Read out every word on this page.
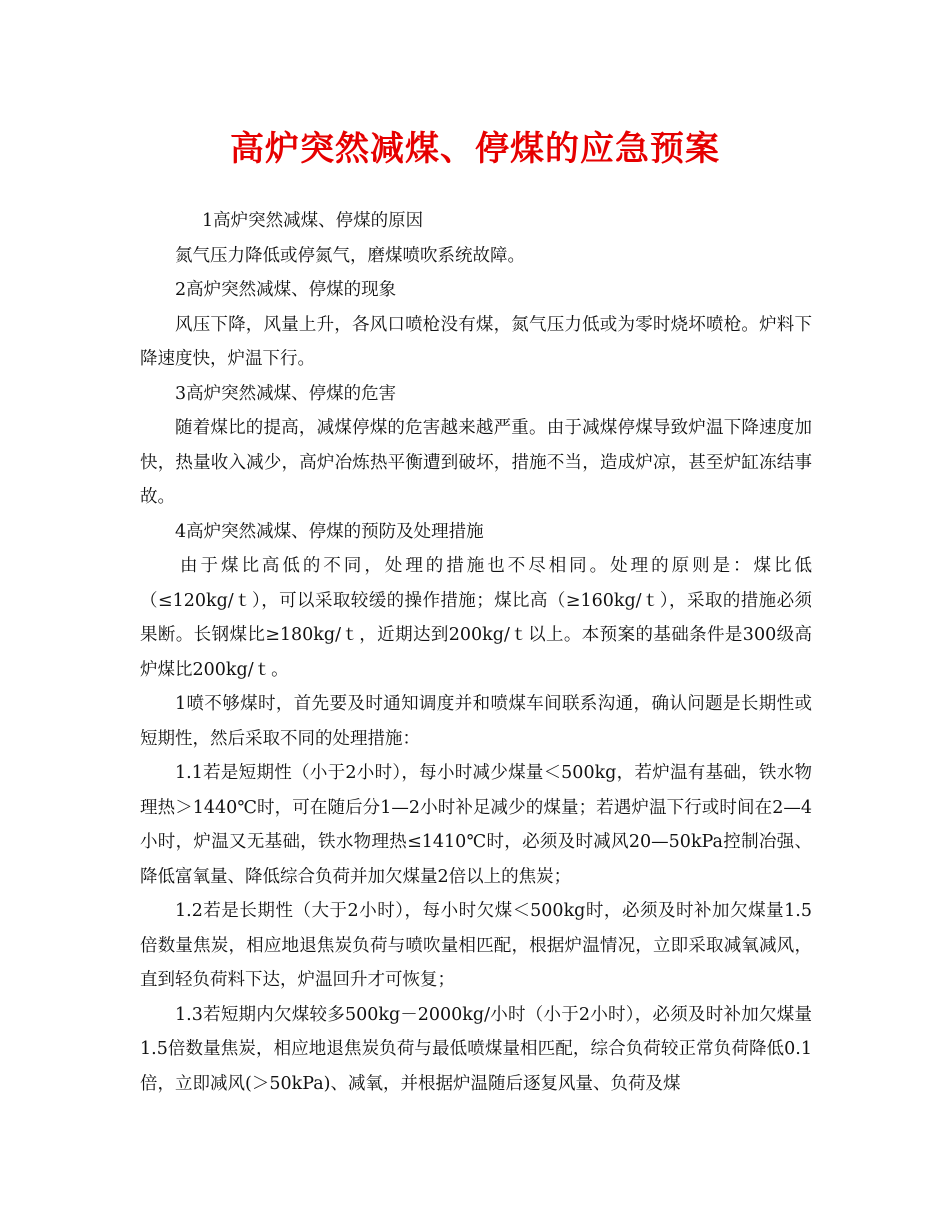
高炉突然减煤、停煤的应急预案

1高炉突然减煤、停煤的原因

氮气压力降低或停氮气，磨煤喷吹系统故障。

2高炉突然减煤、停煤的现象

风压下降，风量上升，各风口喷枪没有煤，氮气压力低或为零时烧坏喷枪。炉料下降速度快，炉温下行。

3高炉突然减煤、停煤的危害

随着煤比的提高，减煤停煤的危害越来越严重。由于减煤停煤导致炉温下降速度加快，热量收入减少，高炉冶炼热平衡遭到破坏，措施不当，造成炉凉，甚至炉缸冻结事故。

4高炉突然减煤、停煤的预防及处理措施

由于煤比高低的不同，处理的措施也不尽相同。处理的原则是：煤比低（≤120kg/ｔ），可以采取较缓的操作措施；煤比高（≥160kg/ｔ），采取的措施必须果断。长钢煤比≥180kg/ｔ，近期达到200kg/ｔ以上。本预案的基础条件是300级高炉煤比200kg/ｔ。

1喷不够煤时，首先要及时通知调度并和喷煤车间联系沟通，确认问题是长期性或短期性，然后采取不同的处理措施：

1.1若是短期性（小于2小时），每小时减少煤量＜500kg，若炉温有基础，铁水物理热＞1440℃时，可在随后分1—2小时补足减少的煤量；若遇炉温下行或时间在2—4小时，炉温又无基础，铁水物理热≤1410℃时，必须及时减风20—50kPa控制冶强、降低富氧量、降低综合负荷并加欠煤量2倍以上的焦炭；

1.2若是长期性（大于2小时），每小时欠煤＜500kg时，必须及时补加欠煤量1.5倍数量焦炭，相应地退焦炭负荷与喷吹量相匹配，根据炉温情况，立即采取减氧减风，直到轻负荷料下达，炉温回升才可恢复；

1.3若短期内欠煤较多500kg－2000kg/小时（小于2小时），必须及时补加欠煤量1.5倍数量焦炭，相应地退焦炭负荷与最低喷煤量相匹配，综合负荷较正常负荷降低0.1倍，立即减风(＞50kPa)、减氧，并根据炉温随后逐复风量、负荷及煤
